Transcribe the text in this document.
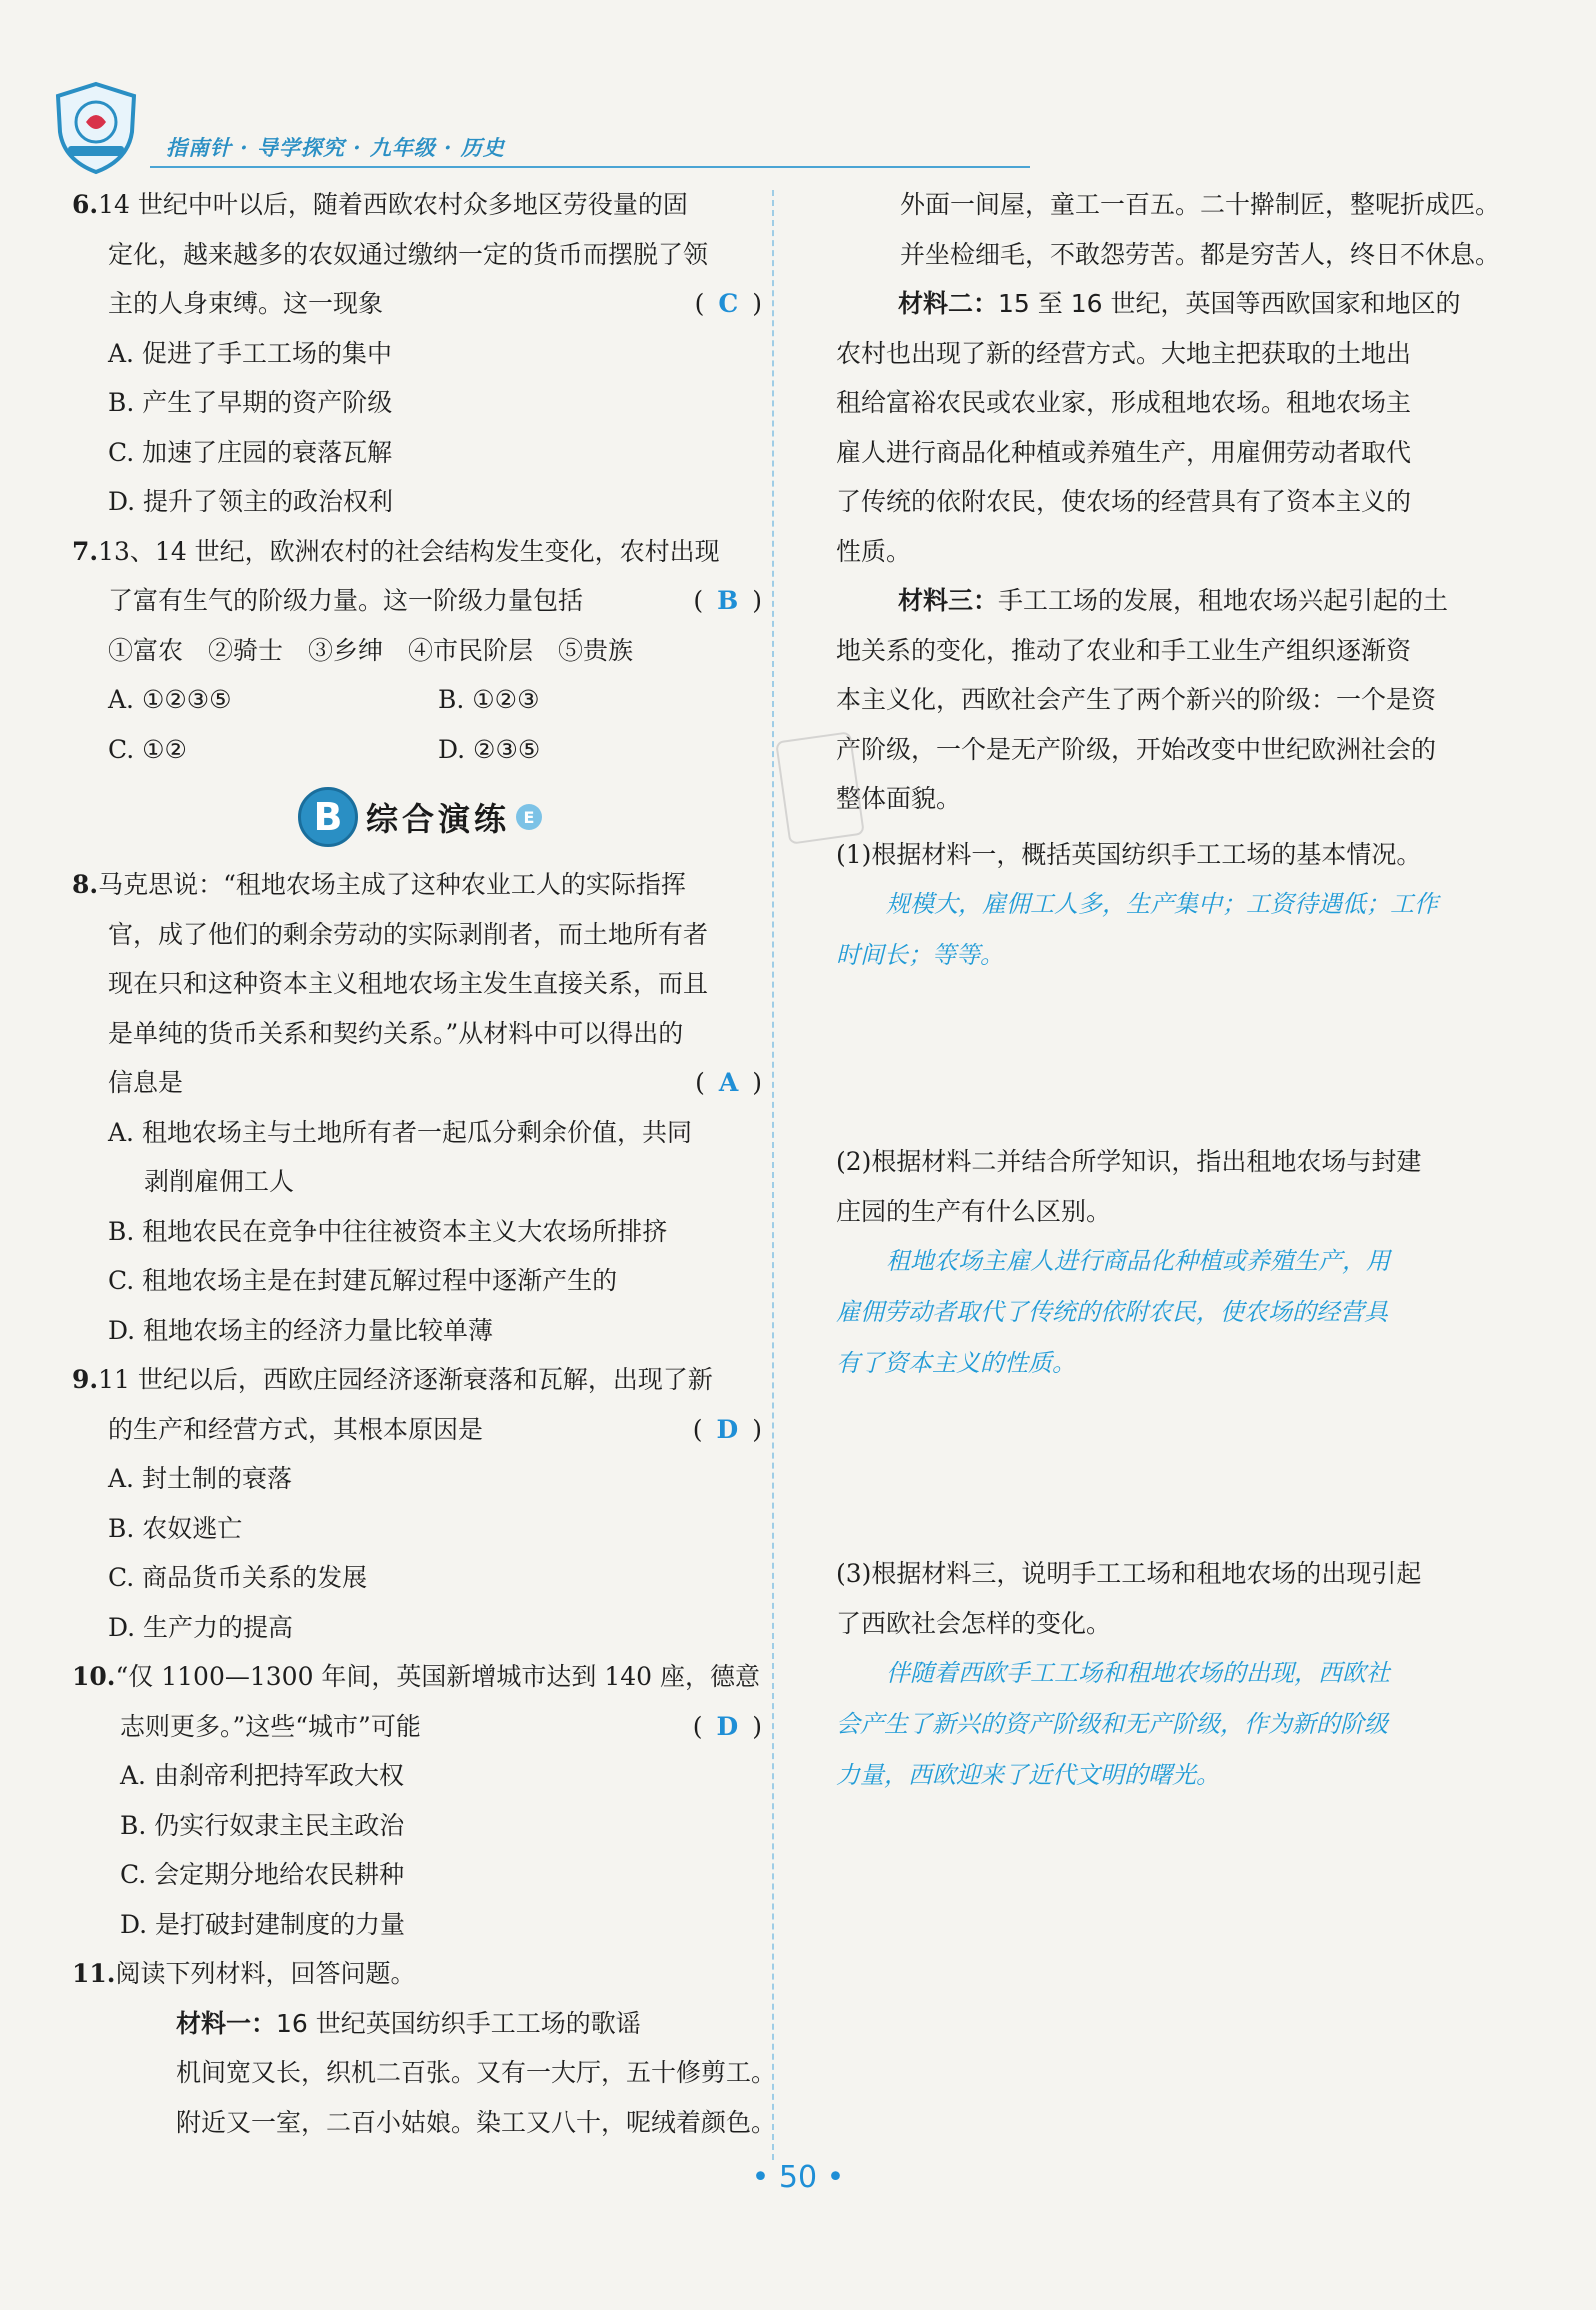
指南针 · 导学探究 · 九年级 · 历史
6.14 世纪中叶以后，随着西欧农村众多地区劳役量的固
定化，越来越多的农奴通过缴纳一定的货币而摆脱了领
主的人身束缚。这一现象	( C )
A. 促进了手工工场的集中
B. 产生了早期的资产阶级
C. 加速了庄园的衰落瓦解
D. 提升了领主的政治权利
7.13、14 世纪，欧洲农村的社会结构发生变化，农村出现
了富有生气的阶级力量。这一阶级力量包括	( B )
①富农　②骑士　③乡绅　④市民阶层　⑤贵族
A. ①②③⑤	B. ①②③
C. ①②	D. ②③⑤
B 综合演练 E
8.马克思说：“租地农场主成了这种农业工人的实际指挥
官，成了他们的剩余劳动的实际剥削者，而土地所有者
现在只和这种资本主义租地农场主发生直接关系，而且
是单纯的货币关系和契约关系。”从材料中可以得出的
信息是	( A )
A. 租地农场主与土地所有者一起瓜分剩余价值，共同
剥削雇佣工人
B. 租地农民在竞争中往往被资本主义大农场所排挤
C. 租地农场主是在封建瓦解过程中逐渐产生的
D. 租地农场主的经济力量比较单薄
9.11 世纪以后，西欧庄园经济逐渐衰落和瓦解，出现了新
的生产和经营方式，其根本原因是	( D )
A. 封土制的衰落
B. 农奴逃亡
C. 商品货币关系的发展
D. 生产力的提高
10.“仅 1100—1300 年间，英国新增城市达到 140 座，德意
志则更多。”这些“城市”可能	( D )
A. 由刹帝利把持军政大权
B. 仍实行奴隶主民主政治
C. 会定期分地给农民耕种
D. 是打破封建制度的力量
11.阅读下列材料，回答问题。
材料一：16 世纪英国纺织手工工场的歌谣
机间宽又长，织机二百张。又有一大厅，五十修剪工。
附近又一室，二百小姑娘。染工又八十，呢绒着颜色。
外面一间屋，童工一百五。二十擀制匠，整呢折成匹。
并坐检细毛，不敢怨劳苦。都是穷苦人，终日不休息。
材料二：15 至 16 世纪，英国等西欧国家和地区的
农村也出现了新的经营方式。大地主把获取的土地出
租给富裕农民或农业家，形成租地农场。租地农场主
雇人进行商品化种植或养殖生产，用雇佣劳动者取代
了传统的依附农民，使农场的经营具有了资本主义的
性质。
材料三：手工工场的发展，租地农场兴起引起的土
地关系的变化，推动了农业和手工业生产组织逐渐资
本主义化，西欧社会产生了两个新兴的阶级：一个是资
产阶级，一个是无产阶级，开始改变中世纪欧洲社会的
整体面貌。
(1)根据材料一，概括英国纺织手工工场的基本情况。
规模大，雇佣工人多，生产集中；工资待遇低；工作
时间长；等等。
(2)根据材料二并结合所学知识，指出租地农场与封建
庄园的生产有什么区别。
租地农场主雇人进行商品化种植或养殖生产，用
雇佣劳动者取代了传统的依附农民，使农场的经营具
有了资本主义的性质。
(3)根据材料三，说明手工工场和租地农场的出现引起
了西欧社会怎样的变化。
伴随着西欧手工工场和租地农场的出现，西欧社
会产生了新兴的资产阶级和无产阶级，作为新的阶级
力量，西欧迎来了近代文明的曙光。
• 50 •
